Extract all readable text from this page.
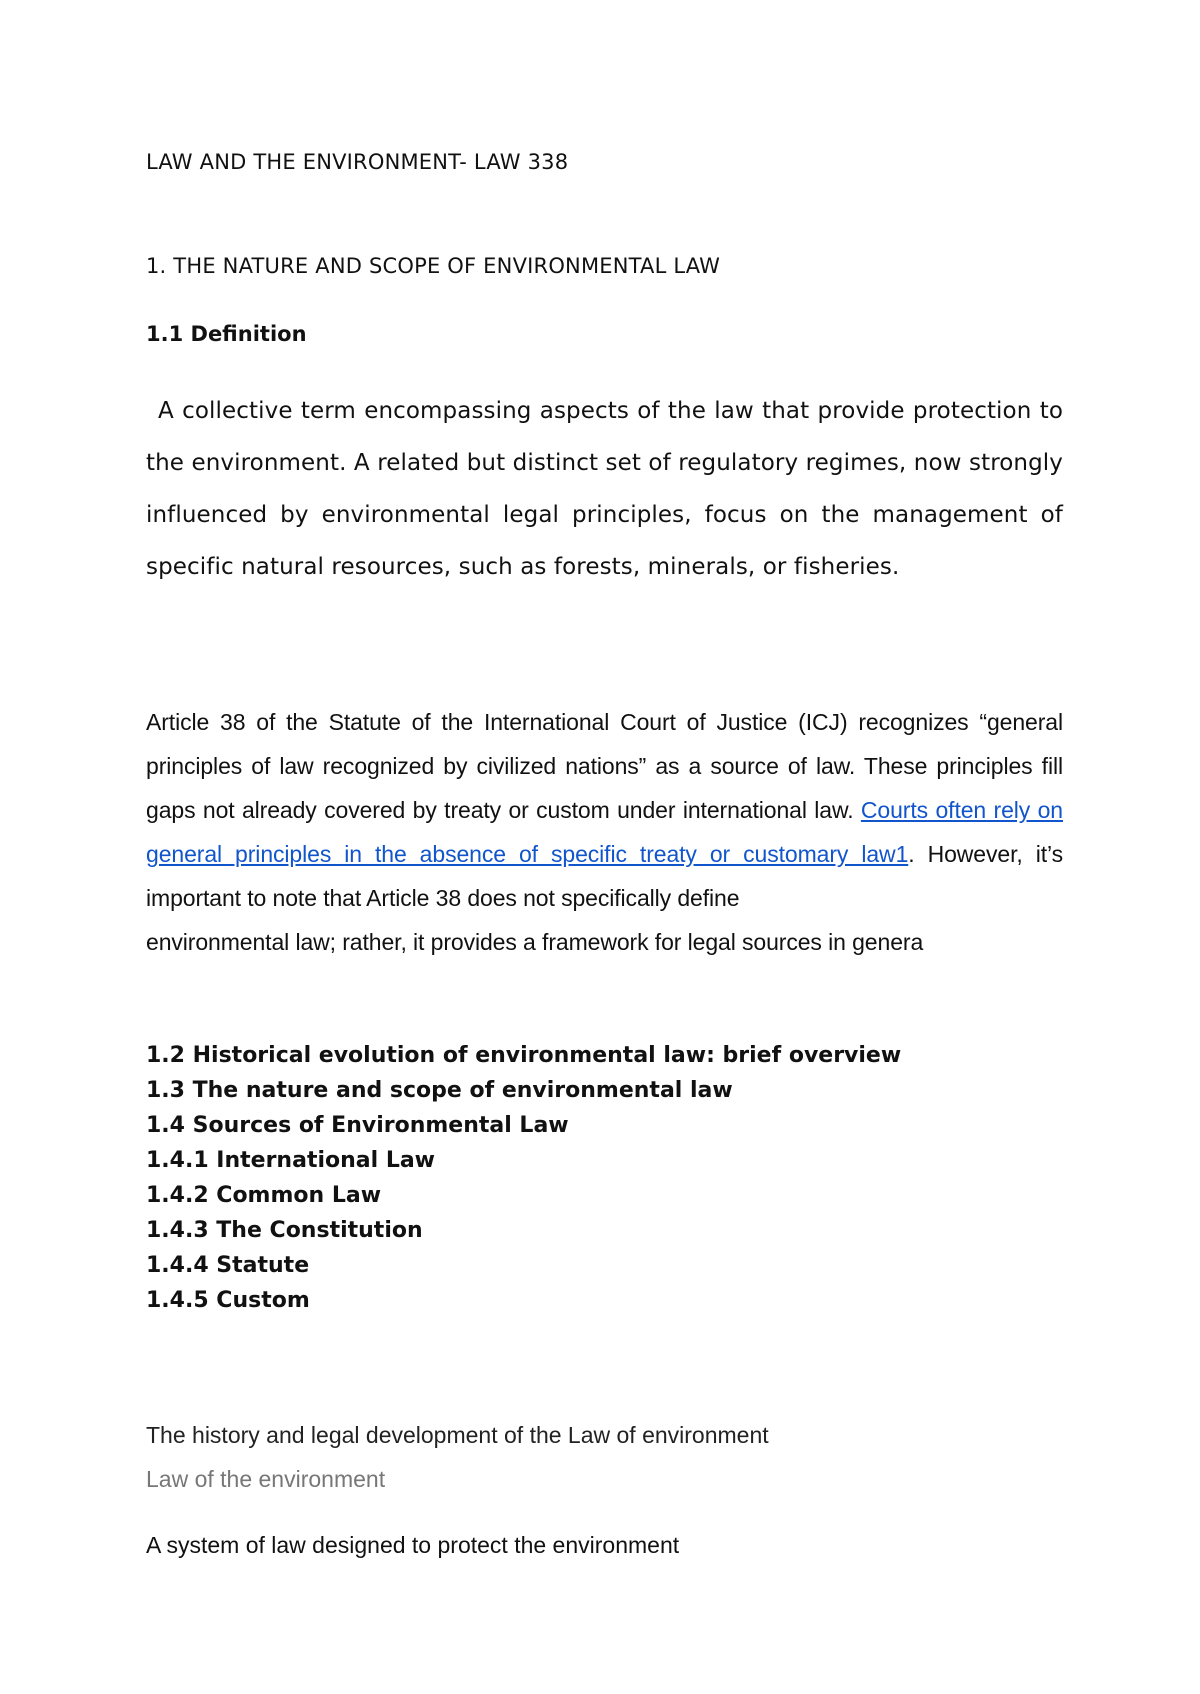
LAW AND THE ENVIRONMENT- LAW 338

1. THE NATURE AND SCOPE OF ENVIRONMENTAL LAW

1.1 Definition

A collective term encompassing aspects of the law that provide protection to the environment. A related but distinct set of regulatory regimes, now strongly influenced by environmental legal principles, focus on the management of specific natural resources, such as forests, minerals, or fisheries.

Article 38 of the Statute of the International Court of Justice (ICJ) recognizes “general principles of law recognized by civilized nations” as a source of law. These principles fill gaps not already covered by treaty or custom under international law. Courts often rely on general principles in the absence of specific treaty or customary law1. However, it’s important to note that Article 38 does not specifically define
environmental law; rather, it provides a framework for legal sources in genera

1.2 Historical evolution of environmental law: brief overview
1.3 The nature and scope of environmental law
1.4 Sources of Environmental Law
1.4.1 International Law
1.4.2 Common Law
1.4.3 The Constitution
1.4.4 Statute
1.4.5 Custom

The history and legal development of the Law of environment

Law of the environment

A system of law designed to protect the environment
